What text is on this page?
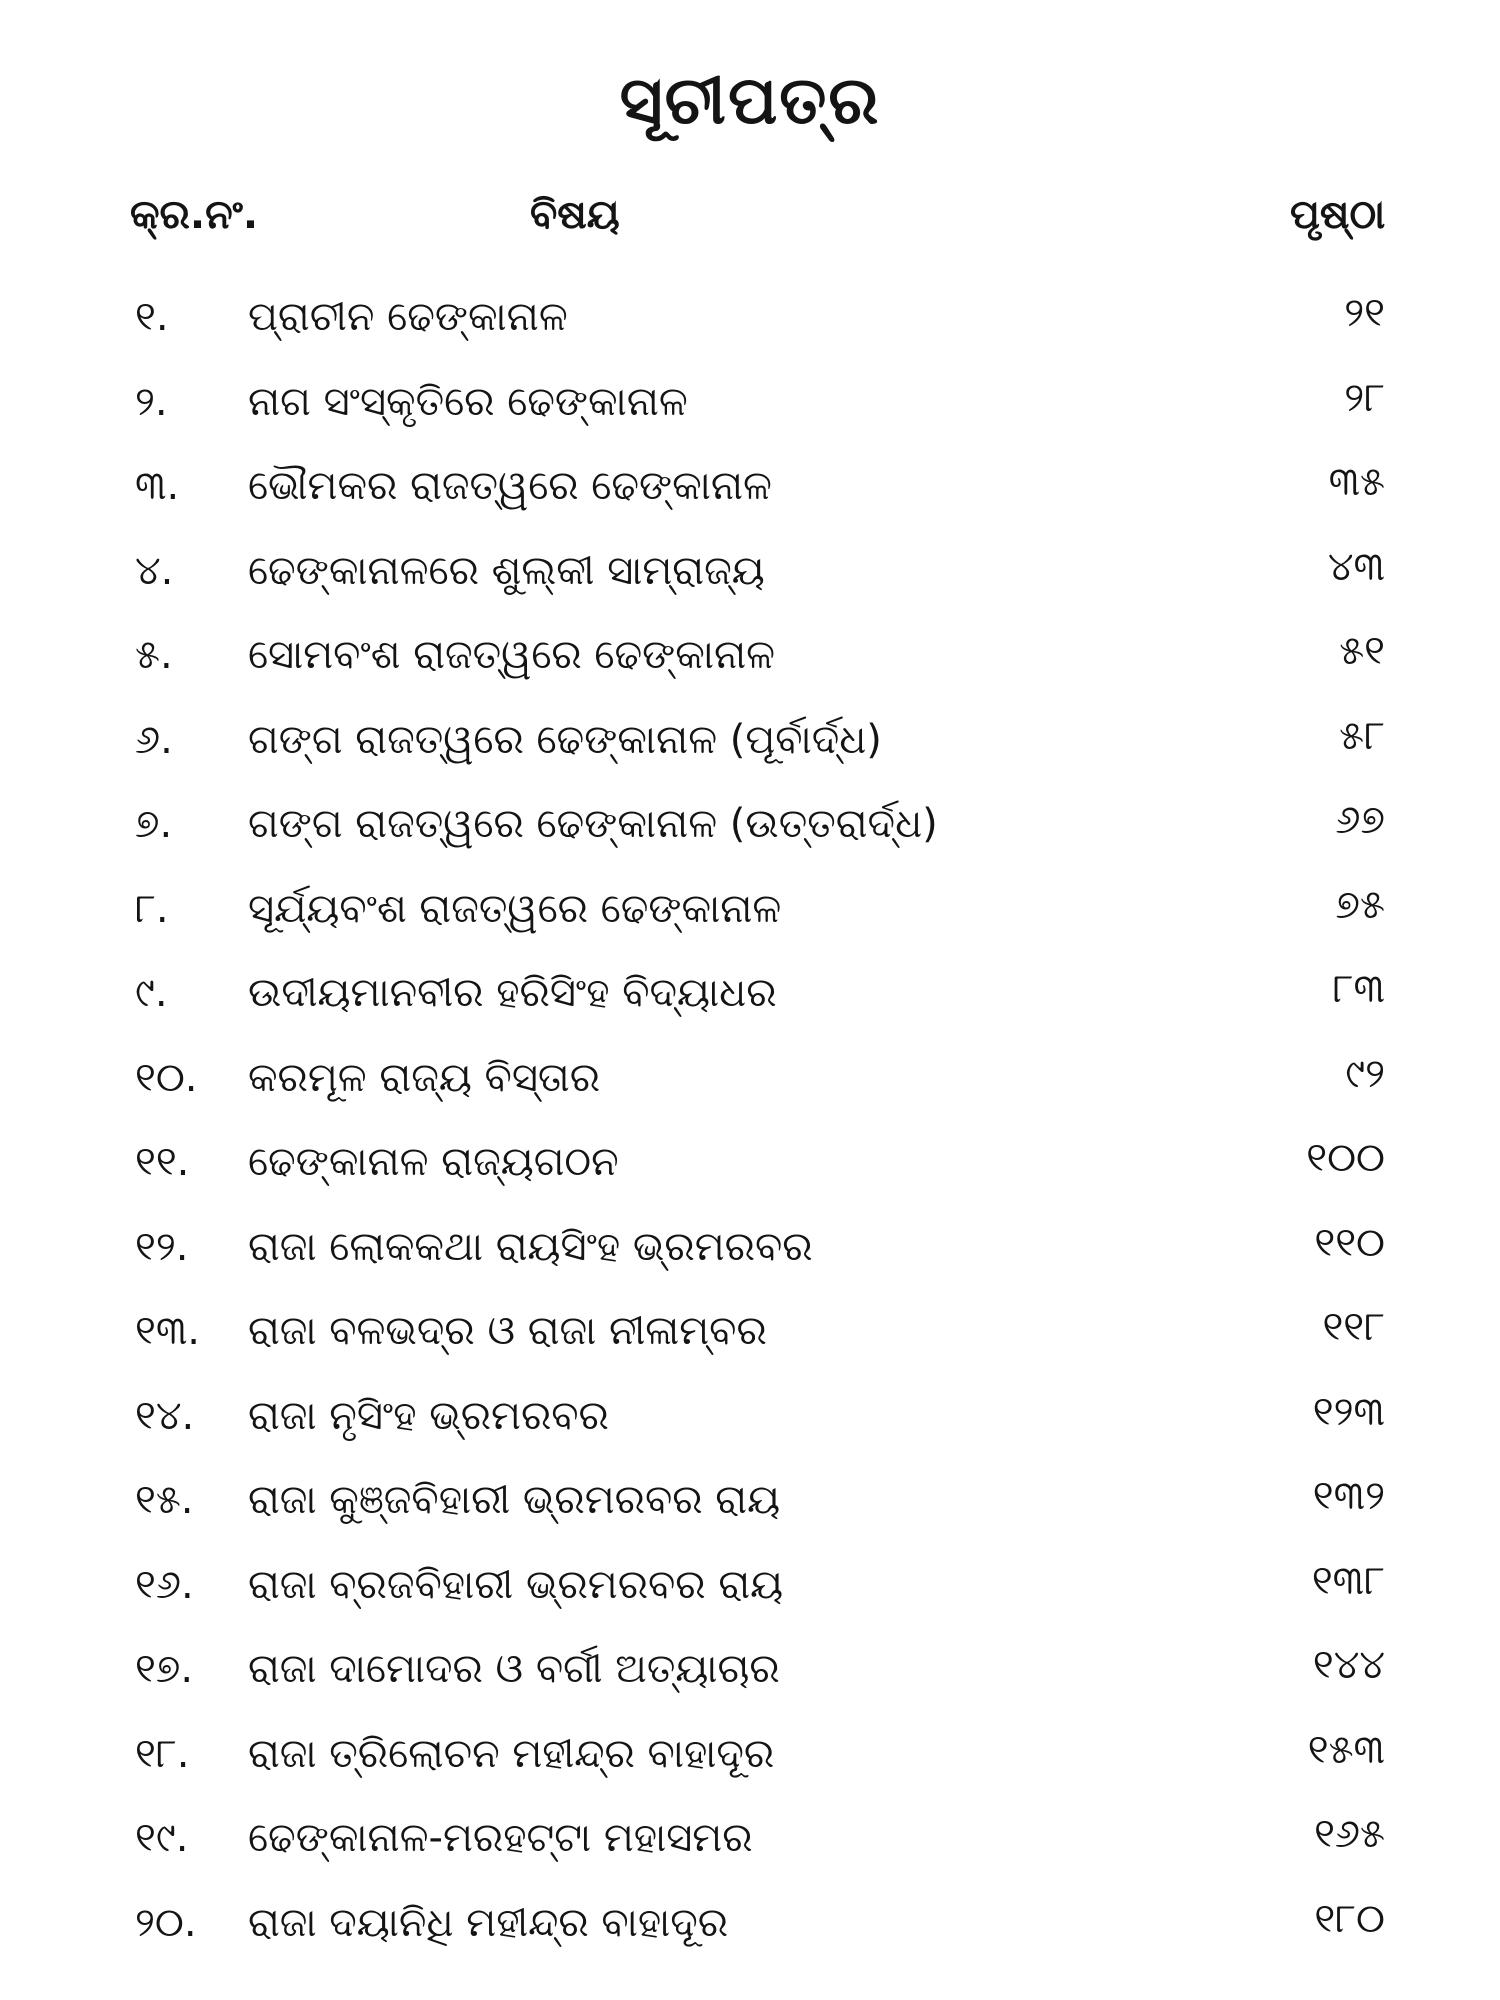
ସୂଚୀପତ୍ର
କ୍ର.ନଂ.	ବିଷୟ	ପୃଷ୍ଠା
୧. ପ୍ରାଚୀନ ଢେଙ୍କାନାଳ	୨୧
୨. ନାଗ ସଂସ୍କୃତିରେ ଢେଙ୍କାନାଳ	୨୮
୩. ଭୌମକର ରାଜତ୍ୱରେ ଢେଙ୍କାନାଳ	୩୫
୪. ଢେଙ୍କାନାଳରେ ଶୁଲ୍କୀ ସାମ୍ରାଜ୍ୟ	୪୩
୫. ସୋମବଂଶ ରାଜତ୍ୱରେ ଢେଙ୍କାନାଳ	୫୧
୬. ଗଙ୍ଗ ରାଜତ୍ୱରେ ଢେଙ୍କାନାଳ (ପୂର୍ବାର୍ଦ୍ଧ)	୫୮
୭. ଗଙ୍ଗ ରାଜତ୍ୱରେ ଢେଙ୍କାନାଳ (ଉତ୍ତରାର୍ଦ୍ଧ)	୬୭
୮. ସୂର୍ଯ୍ୟବଂଶ ରାଜତ୍ୱରେ ଢେଙ୍କାନାଳ	୭୫
୯. ଉଦୀୟମାନବୀର ହରିସିଂହ ବିଦ୍ୟାଧର	୮୩
୧୦. କରମୂଳ ରାଜ୍ୟ ବିସ୍ତାର	୯୨
୧୧. ଢେଙ୍କାନାଳ ରାଜ୍ୟଗଠନ	୧୦୦
୧୨. ରାଜା ଲୋକକଥା ରାୟସିଂହ ଭ୍ରମରବର	୧୧୦
୧୩. ରାଜା ବଳଭଦ୍ର ଓ ରାଜା ନୀଳାମ୍ବର	୧୧୮
୧୪. ରାଜା ନୃସିଂହ ଭ୍ରମରବର	୧୨୩
୧୫. ରାଜା କୁଞ୍ଜବିହାରୀ ଭ୍ରମରବର ରାୟ	୧୩୨
୧୬. ରାଜା ବ୍ରଜବିହାରୀ ଭ୍ରମରବର ରାୟ	୧୩୮
୧୭. ରାଜା ଦାମୋଦର ଓ ବର୍ଗୀ ଅତ୍ୟାଚାର	୧୪୪
୧୮. ରାଜା ତ୍ରିଲୋଚନ ମହୀନ୍ଦ୍ର ବାହାଦୂର	୧୫୩
୧୯. ଢେଙ୍କାନାଳ-ମରହଟ୍ଟା ମହାସମର	୧୬୫
୨୦. ରାଜା ଦୟାନିଧି ମହୀନ୍ଦ୍ର ବାହାଦୂର	୧୮୦
